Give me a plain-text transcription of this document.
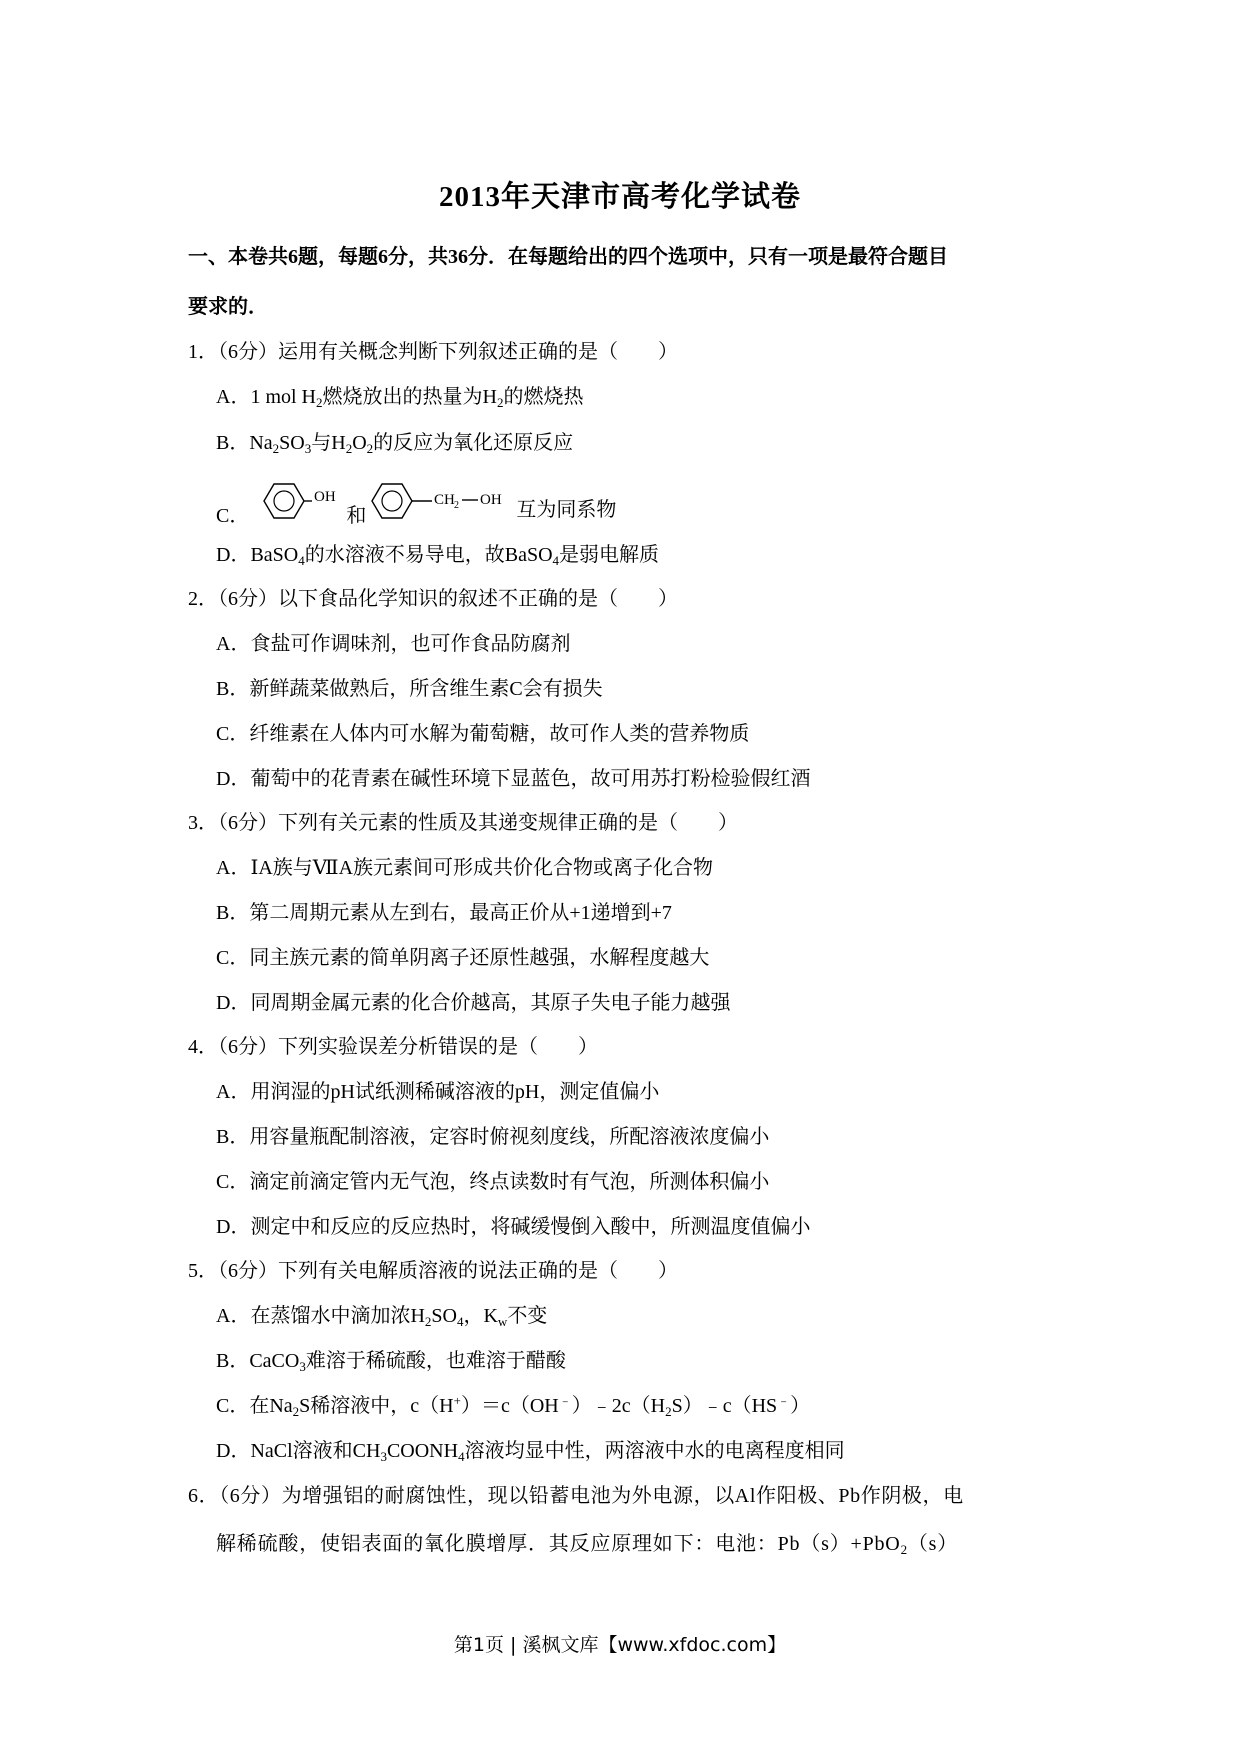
2013年天津市高考化学试卷
一、本卷共6题，每题6分，共36分．在每题给出的四个选项中，只有一项是最符合题目
要求的．
1．（6分）运用有关概念判断下列叙述正确的是（　　）
A．1 mol $H_2$燃烧放出的热量为$H_2$的燃烧热
B．$Na_2SO_3$与$H_2O_2$的反应为氧化还原反应
C．
OH
和
CH 2 OH 互为同系物
D．BaSO$_4$的水溶液不易导电，故BaSO$_4$是弱电解质
2．（6分）以下食品化学知识的叙述不正确的是（　　）
A．食盐可作调味剂，也可作食品防腐剂
B．新鲜蔬菜做熟后，所含维生素C会有损失
C．纤维素在人体内可水解为葡萄糖，故可作人类的营养物质
D．葡萄中的花青素在碱性环境下显蓝色，故可用苏打粉检验假红酒
3．（6分）下列有关元素的性质及其递变规律正确的是（　　）
A．ⅠA族与ⅦA族元素间可形成共价化合物或离子化合物
B．第二周期元素从左到右，最高正价从+1递增到+7
C．同主族元素的简单阴离子还原性越强，水解程度越大
D．同周期金属元素的化合价越高，其原子失电子能力越强
4．（6分）下列实验误差分析错误的是（　　）
A．用润湿的pH试纸测稀碱溶液的pH，测定值偏小
B．用容量瓶配制溶液，定容时俯视刻度线，所配溶液浓度偏小
C．滴定前滴定管内无气泡，终点读数时有气泡，所测体积偏小
D．测定中和反应的反应热时，将碱缓慢倒入酸中，所测温度值偏小
5．（6分）下列有关电解质溶液的说法正确的是（　　）
A．在蒸馏水中滴加浓$H_2SO_4$，$K_w$不变
B．CaCO$_3$难溶于稀硫酸，也难溶于醋酸
C．在$Na_2S$稀溶液中，$c(H^+)=c(OH^﹣)﹣2c(H_2S)﹣c(HS^﹣)$
D．NaCl溶液和$CH_3COONH_4$溶液均显中性，两溶液中水的电离程度相同
6．（6分）为增强铝的耐腐蚀性，现以铅蓄电池为外电源，以Al作阳极、Pb作阴极，电
解稀硫酸，使铝表面的氧化膜增厚．其反应原理如下：电池：Pb（s）+PbO$_2$（s）
第1页 | 溪枫文库【www.xfdoc.com】
